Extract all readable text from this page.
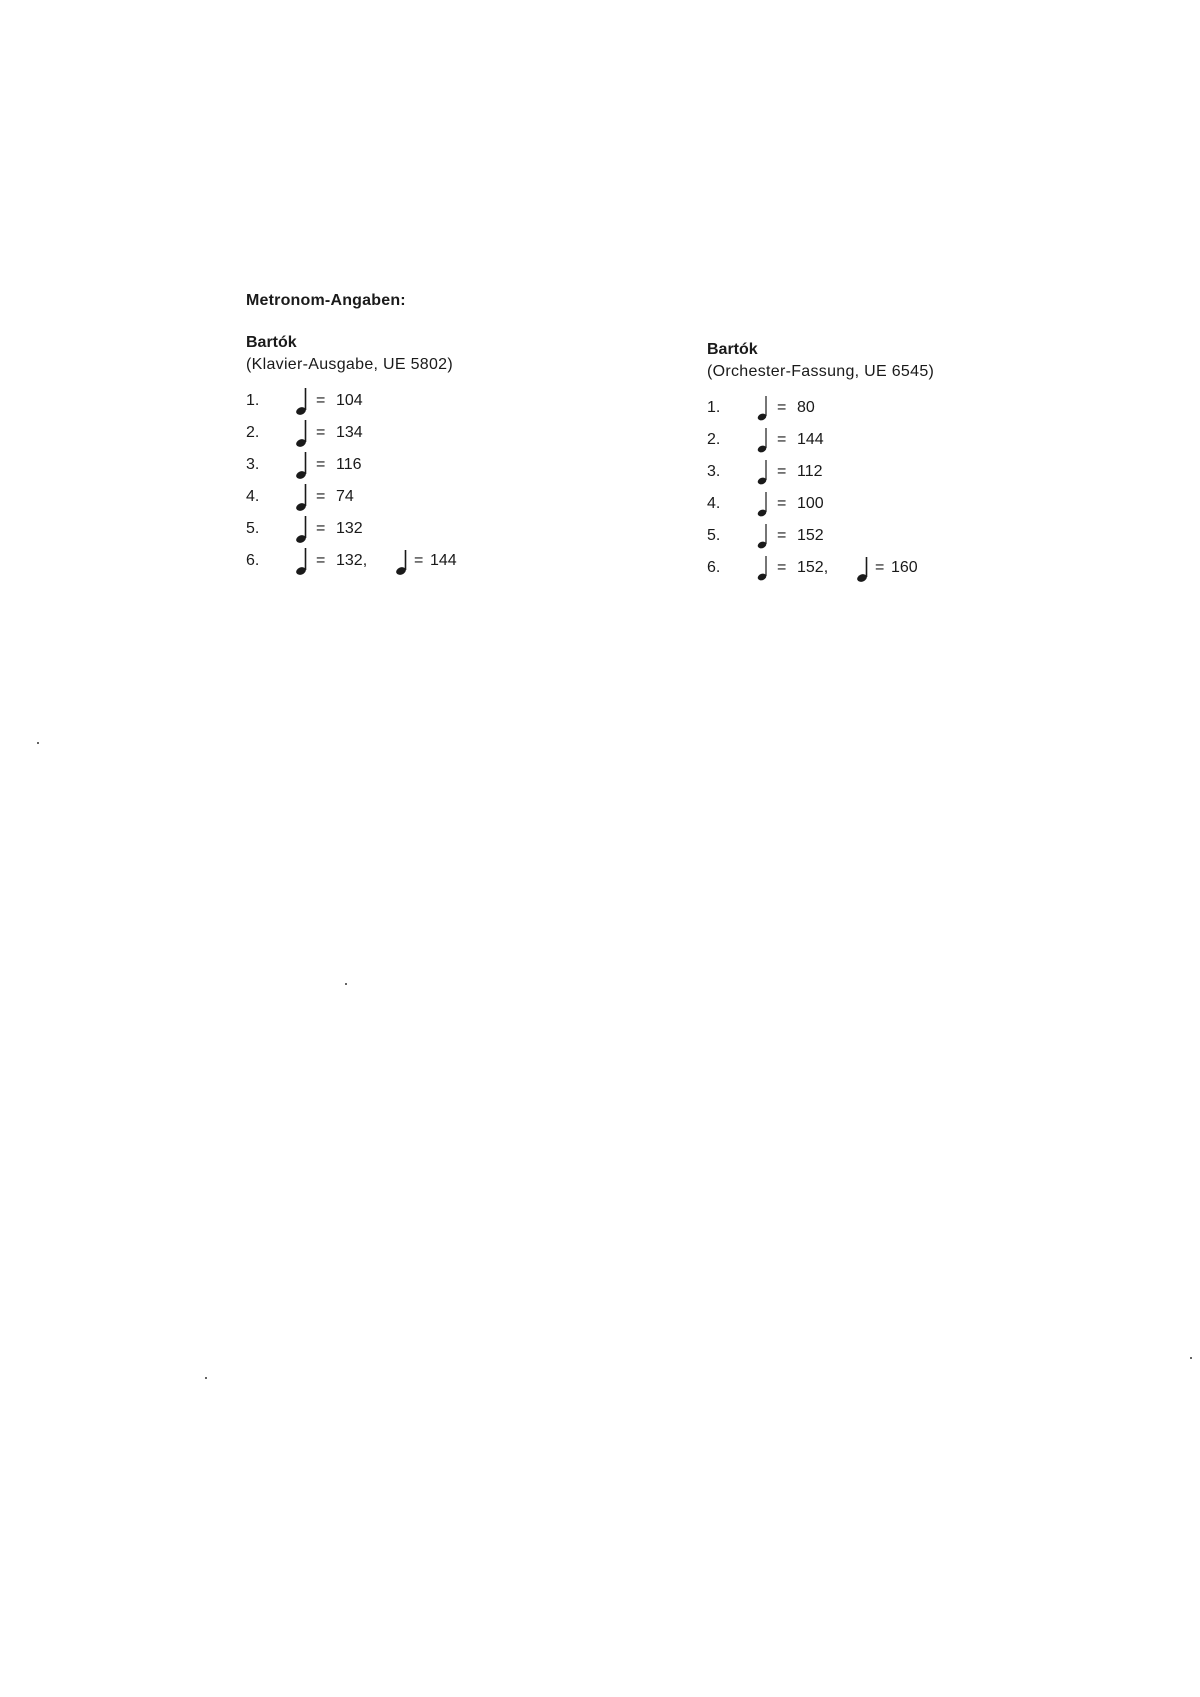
Metronom-Angaben:

Bartók

(Klavier-Ausgabe, UE 5802)

1.	= 104
2.	= 134
3.	= 116
4.	= 74
5.	= 132
6.	= 132,	= 144

Bartók

(Orchester-Fassung, UE 6545)

1.	= 80
2.	= 144
3.	= 112
4.	= 100
5.	= 152
6.	= 152,	= 160
